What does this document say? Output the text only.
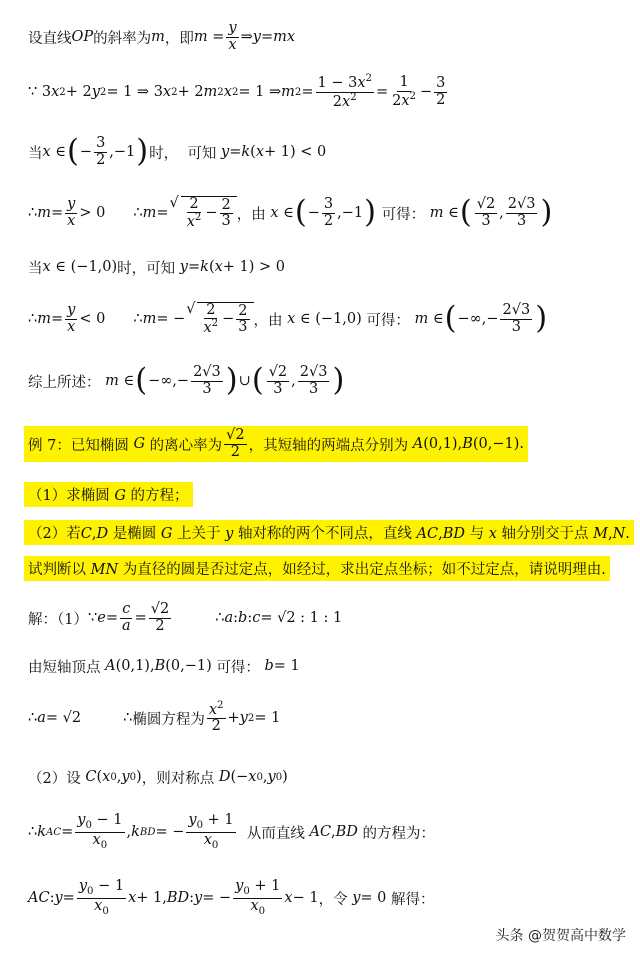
设直线 OP 的斜率为 m ，即 $m = \frac{y}{x}$ ⇒ y = mx
∵ 3 x 2 + 2 y 2 = 1 ⇒ 3 x 2 + 2 m 2 x 2 = 1 ⇒ m $2 = \frac{1 - 3x^2}{2x^2} = \frac{1}{2x^2} - \frac{3}{2}$
当 x ∈ ( − $\frac{3}{2} ,-1$ ) 时，
可知
y = k ( x + 1) < 0
∴ $m = \frac{y}{x} > 0$
∴ m =
√ $\frac{2}{x^2} - \frac{2}{3}$ ，由
x ∈ ( − $\frac{3}{2} ,-1$ )
可得：
m ∈ ( $\frac{√2}{3}$ , $\frac{2√3}{3}$ )
当 x ∈ (−1,0) 时， 可知
y = k ( x + 1) > 0
∴ $m = \frac{y}{x} < 0$
∴ m = −
√ $\frac{2}{x^2} - \frac{2}{3}$ ，由
x ∈ (−1,0) 可得：
m ∈ ( −∞,− $\frac{2√3}{3}$ )
综上所述：
m ∈ ( −∞,− $\frac{2√3}{3}$ ) ∪ ( $\frac{√2}{3}$ , $\frac{2√3}{3}$ )
例 7：已知椭圆
G
的离心率为 $\frac{√2}{2}$ ，其短轴的两端点分别为
A (0,1), B (0,−1).
（1）求椭圆 G 的方程；
（2）若C,D 是椭圆 G 上关于 y 轴对称的两个不同点，直线 AC,BD 与 x 轴分别交于点 M,N.
试判断以 MN 为直径的圆是否过定点，如经过，求出定点坐标；如不过定点，请说明理由.
解：（1） ∵ $e = \frac{c}{a} = \frac{√2}{2}$	∴ a : b : c = √2 : 1 : 1
由短轴顶点
A (0,1), B (0,−1) 可得：
b = 1
∴ a = √2	∴ 椭圆方程为 $\frac{x^2}{2} + y$ 2 = 1
（2）设
C ( x 0 , y 0 ) ，则对称点
D (− x 0 , y 0 )
∴ k AC = $\frac{y_0 - 1}{x_0}$ , k BD = − $\frac{y_0 + 1}{x_0}$
从而直线
AC , BD
的方程为：
AC : $y = \frac{y_0 - 1}{x_0}$ x + 1, BD : y = − $\frac{y_0 + 1}{x_0}$ x − 1 ，令
y = 0 解得：
头条 @贺贺高中数学
